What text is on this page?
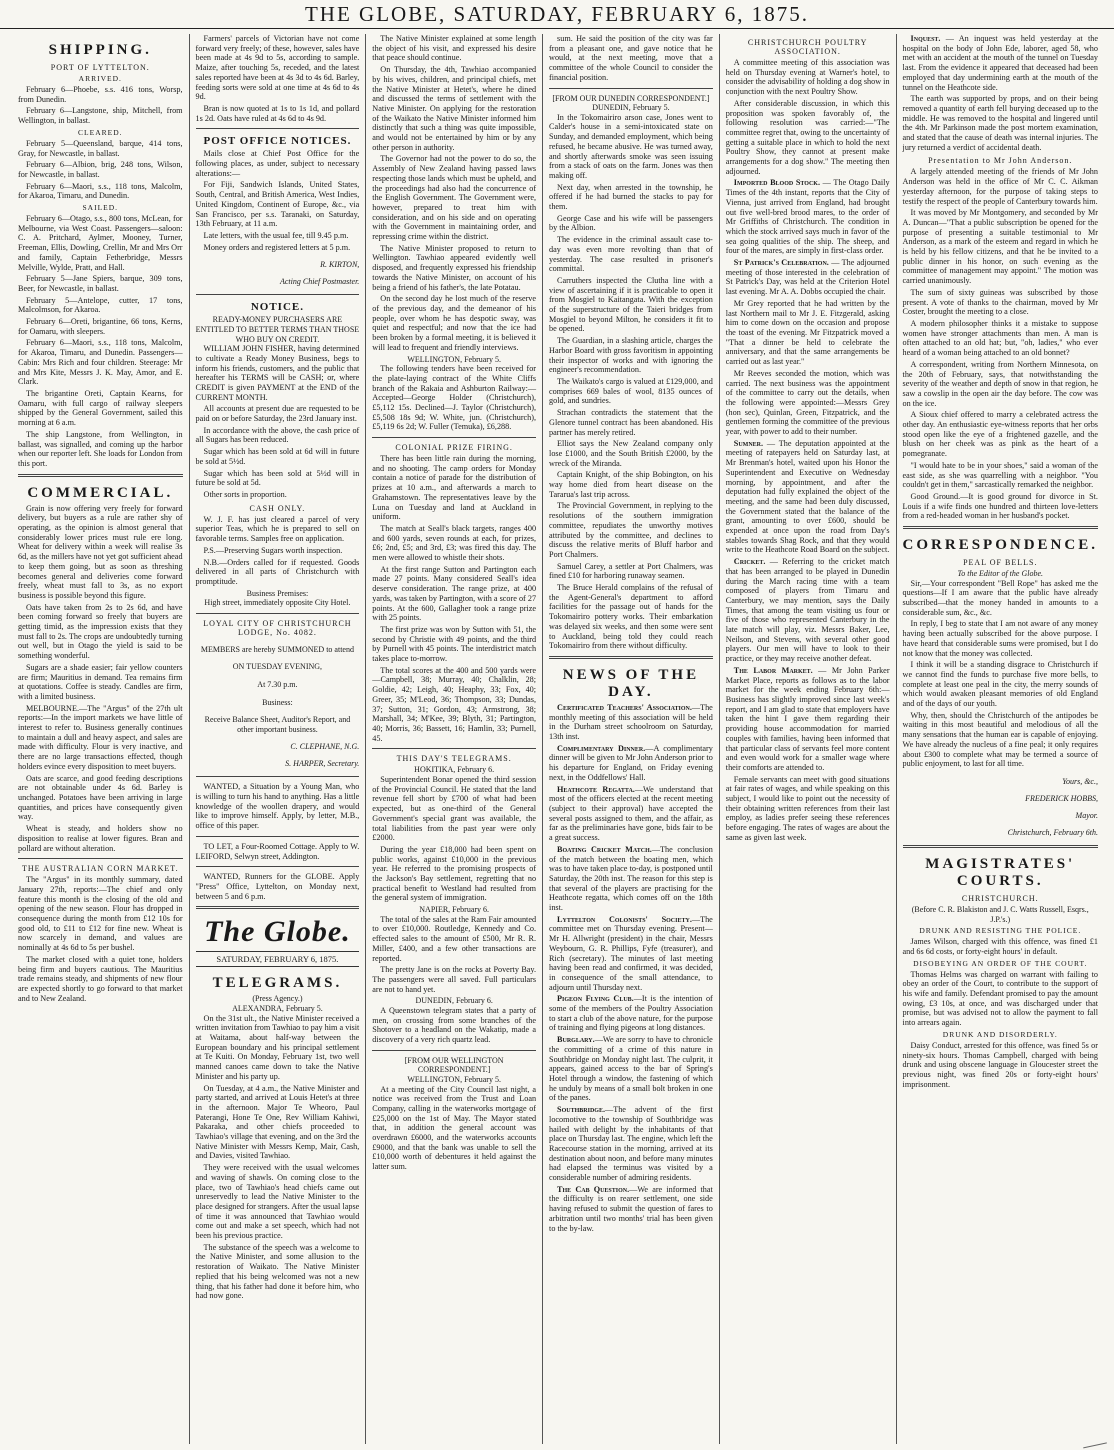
THE GLOBE, SATURDAY, FEBRUARY 6, 1875.
SHIPPING.
PORT OF LYTTELTON.
ARRIVED.

February 6—Phoebe, s.s. 416 tons, Worsp, from Dunedin.

February 6—Langstone, ship, Mitchell, from Wellington, in ballast.

CLEARED.

February 5—Queensland, barque, 414 tons, Gray, for Newcastle, in ballast.

February 6—Albion, brig, 248 tons, Wilson, for Newcastle, in ballast.

February 6—Maori, s.s., 118 tons, Malcolm, for Akaroa, Timaru, and Dunedin.

SAILED.

February 6—Otago, s.s., 800 tons, McLean, for Melbourne, via West Coast. Passengers—saloon: C. A. Pritchard, Aylmer, Mooney, Turner, Freeman, Ellis, Dowling, Crellin, Mr and Mrs Orr and family, Captain Fetherbridge, Messrs Melville, Wylde, Pratt, and Hall.

February 5—Jane Spiers, barque, 309 tons, Beer, for Newcastle, in ballast.

February 5—Antelope, cutter, 17 tons, Malcolmson, for Akaroa.

February 6—Oreti, brigantine, 66 tons, Kerns, for Oamaru, with sleepers.

February 6—Maori, s.s., 118 tons, Malcolm, for Akaroa, Timaru, and Dunedin. Passengers—Cabin: Mrs Rich and four children. Steerage: Mr and Mrs Kite, Messrs J. K. May, Amor, and E. Clark.

The brigantine Oreti, Captain Kearns, for Oamaru, with full cargo of railway sleepers shipped by the General Government, sailed this morning at 6 a.m.

The ship Langstone, from Wellington, in ballast, was signalled, and coming up the harbor when our reporter left. She loads for London from this port.

COMMERCIAL.

Grain is now offering very freely for forward delivery, but buyers as a rule are rather shy of operating, as the opinion is almost general that considerably lower prices must rule ere long. Wheat for delivery within a week will realise 3s 6d, as the millers have not yet got sufficient ahead to keep them going, but as soon as threshing becomes general and deliveries come forward freely, wheat must fall to 3s, as no export business is possible beyond this figure.

Oats have taken from 2s to 2s 6d, and have been coming forward so freely that buyers are getting timid, as the impression exists that they must fall to 2s. The crops are undoubtedly turning out well, but in Otago the yield is said to be something wonderful.

Sugars are a shade easier; fair yellow counters are firm; Mauritius in demand. Tea remains firm at quotations. Coffee is steady. Candles are firm, with a limited business.

MELBOURNE.—The "Argus" of the 27th ult reports:—In the import markets we have little of interest to refer to. Business generally continues to maintain a dull and heavy aspect, and sales are made with difficulty. Flour is very inactive, and there are no large transactions effected, though holders evince every disposition to meet buyers.

Oats are scarce, and good feeding descriptions are not obtainable under 4s 6d. Barley is unchanged. Potatoes have been arriving in large quantities, and prices have consequently given way.

Wheat is steady, and holders show no disposition to realise at lower figures. Bran and pollard are without alteration.

THE AUSTRALIAN CORN MARKET.

The "Argus" in its monthly summary, dated January 27th, reports:—The chief and only feature this month is the closing of the old and opening of the new season. Flour has dropped in consequence during the month from £12 10s for good old, to £11 to £12 for fine new. Wheat is now scarcely in demand, and values are nominally at 4s 6d to 5s per bushel.

The market closed with a quiet tone, holders being firm and buyers cautious. The Mauritius trade remains steady, and shipments of new flour are expected shortly to go forward to that market and to New Zealand.

Farmers' parcels of Victorian have not come forward very freely; of these, however, sales have been made at 4s 9d to 5s, according to sample. Maize, after touching 5s, receded, and the latest sales reported have been at 4s 3d to 4s 6d. Barley, feeding sorts were sold at one time at 4s 6d to 4s 9d.

Bran is now quoted at 1s to 1s 1d, and pollard 1s 2d. Oats have ruled at 4s 6d to 4s 9d.

POST OFFICE NOTICES.

Mails close at Chief Post Office for the following places, as under, subject to necessary alterations:—

For Fiji, Sandwich Islands, United States, South, Central, and British America, West Indies, United Kingdom, Continent of Europe, &c., via San Francisco, per s.s. Taranaki, on Saturday, 13th February, at 11 a.m.

Late letters, with the usual fee, till 9.45 p.m.

Money orders and registered letters at 5 p.m.

R. KIRTON,

Acting Chief Postmaster.

NOTICE.
READY-MONEY PURCHASERS ARE ENTITLED TO BETTER TERMS THAN THOSE WHO BUY ON CREDIT.

WILLIAM JOHN FISHER, having determined to cultivate a Ready Money Business, begs to inform his friends, customers, and the public that hereafter his TERMS will be CASH; or, where CREDIT is given PAYMENT at the END of the CURRENT MONTH.

All accounts at present due are requested to be paid on or before Saturday, the 23rd January inst.

In accordance with the above, the cash price of all Sugars has been reduced.

Sugar which has been sold at 6d will in future be sold at 5½d.

Sugar which has been sold at 5½d will in future be sold at 5d.

Other sorts in proportion.

CASH ONLY.

W. J. F. has just cleared a parcel of very superior Teas, which he is prepared to sell on favorable terms. Samples free on application.

P.S.—Preserving Sugars worth inspection.

N.B.—Orders called for if requested. Goods delivered in all parts of Christchurch with promptitude.

Business Premises:
High street, immediately opposite City Hotel.
LOYAL CITY OF CHRISTCHURCH LODGE, No. 4082.

MEMBERS are hereby SUMMONED to attend

ON TUESDAY EVENING,

At 7.30 p.m.

Business:

Receive Balance Sheet, Auditor's Report, and other important business.

C. CLEPHANE, N.G.

S. HARPER, Secretary.

WANTED, a Situation by a Young Man, who is willing to turn his hand to anything. Has a little knowledge of the woollen drapery, and would like to improve himself. Apply, by letter, M.B., office of this paper.

TO LET, a Four-Roomed Cottage. Apply to W. LEIFORD, Selwyn street, Addington.

WANTED, Runners for the GLOBE. Apply "Press" Office, Lyttelton, on Monday next, between 5 and 6 p.m.

The Globe.
SATURDAY, FEBRUARY 6, 1875.
TELEGRAMS.
(Press Agency.)
ALEXANDRA, February 5.

On the 31st ult., the Native Minister received a written invitation from Tawhiao to pay him a visit at Waitama, about half-way between the European boundary and his principal settlement at Te Kuiti. On Monday, February 1st, two well manned canoes came down to take the Native Minister and his party up.

On Tuesday, at 4 a.m., the Native Minister and party started, and arrived at Louis Hetet's at three in the afternoon. Major Te Wheoro, Paul Paterangi, Hone Te One, Rev William Kahiwi, Pakaraka, and other chiefs proceeded to Tawhiao's village that evening, and on the 3rd the Native Minister with Messrs Kemp, Mair, Cash, and Davies, visited Tawhiao.

They were received with the usual welcomes and waving of shawls. On coming close to the place, two of Tawhiao's head chiefs came out unreservedly to lead the Native Minister to the place designed for strangers. After the usual lapse of time it was announced that Tawhiao would come out and make a set speech, which had not been his previous practice.

The substance of the speech was a welcome to the Native Minister, and some allusion to the restoration of Waikato. The Native Minister replied that his being welcomed was not a new thing, that his father had done it before him, who had now gone.

The Native Minister explained at some length the object of his visit, and expressed his desire that peace should continue.

On Thursday, the 4th, Tawhiao accompanied by his wives, children, and principal chiefs, met the Native Minister at Hetet's, where he dined and discussed the terms of settlement with the Native Minister. On applying for the restoration of the Waikato the Native Minister informed him distinctly that such a thing was quite impossible, and would not be entertained by him or by any other person in authority.

The Governor had not the power to do so, the Assembly of New Zealand having passed laws respecting those lands which must be upheld, and the proceedings had also had the concurrence of the English Government. The Government were, however, prepared to treat him with consideration, and on his side and on operating with the Government in maintaining order, and repressing crime within the district.

The Native Minister proposed to return to Wellington. Tawhiao appeared evidently well disposed, and frequently expressed his friendship towards the Native Minister, on account of his being a friend of his father's, the late Potatau.

On the second day he lost much of the reserve of the previous day, and the demeanor of his people, over whom he has despotic sway, was quiet and respectful; and now that the ice had been broken by a formal meeting, it is believed it will lead to frequent and friendly interviews.

WELLINGTON, February 5.

The following tenders have been received for the plate-laying contract of the White Cliffs branch of the Rakaia and Ashburton Railway:—Accepted—George Holder (Christchurch), £5,112 15s. Declined—J. Taylor (Christchurch), £5,508 18s 9d; W. White, jun. (Christchurch), £5,119 6s 2d; W. Fuller (Temuka), £6,288.

COLONIAL PRIZE FIRING.

There has been little rain during the morning, and no shooting. The camp orders for Monday contain a notice of parade for the distribution of prizes at 10 a.m., and afterwards a march to Grahamstown. The representatives leave by the Luna on Tuesday and land at Auckland in uniform.

The match at Seall's black targets, ranges 400 and 600 yards, seven rounds at each, for prizes, £6; 2nd, £5; and 3rd, £3; was fired this day. The men were allowed to whistle their shots.

At the first range Sutton and Partington each made 27 points. Many considered Seall's idea deserve consideration. The range prize, at 400 yards, was taken by Partington, with a score of 27 points. At the 600, Gallagher took a range prize with 25 points.

The first prize was won by Sutton with 51, the second by Christie with 49 points, and the third by Purnell with 45 points. The interdistrict match takes place to-morrow.

The total scores at the 400 and 500 yards were—Campbell, 38; Murray, 40; Chalklin, 28; Goldie, 42; Leigh, 40; Heaphy, 33; Fox, 40; Greer, 35; M'Leod, 36; Thompson, 33; Dundas, 37; Sutton, 31; Gordon, 43; Armstrong, 38; Marshall, 34; M'Kee, 39; Blyth, 31; Partington, 40; Morris, 36; Bassett, 16; Hamlin, 33; Purnell, 45.

THIS DAY'S TELEGRAMS.
HOKITIKA, February 6.

Superintendent Bonar opened the third session of the Provincial Council. He stated that the land revenue fell short by £700 of what had been expected, but as one-third of the General Government's special grant was available, the total liabilities from the past year were only £2000.

During the year £18,000 had been spent on public works, against £10,000 in the previous year. He referred to the promising prospects of the Jackson's Bay settlement, regretting that no practical benefit to Westland had resulted from the general system of immigration.

NAPIER, February 6.

The total of the sales at the Ram Fair amounted to over £10,000. Routledge, Kennedy and Co. effected sales to the amount of £500, Mr R. R. Miller, £400, and a few other transactions are reported.

The pretty Jane is on the rocks at Poverty Bay. The passengers were all saved. Full particulars are not to hand yet.

DUNEDIN, February 6.

A Queenstown telegram states that a party of men, on crossing from some branches of the Shotover to a headland on the Wakatip, made a discovery of a very rich quartz lead.

[FROM OUR WELLINGTON CORRESPONDENT.]
WELLINGTON, February 5.

At a meeting of the City Council last night, a notice was received from the Trust and Loan Company, calling in the waterworks mortgage of £25,000 on the 1st of May. The Mayor stated that, in addition the general account was overdrawn £6000, and the waterworks accounts £9000, and that the bank was unable to sell the £10,000 worth of debentures it held against the latter sum.

sum. He said the position of the city was far from a pleasant one, and gave notice that he would, at the next meeting, move that a committee of the whole Council to consider the financial position.

[FROM OUR DUNEDIN CORRESPONDENT.]
DUNEDIN, February 5.

In the Tokomairiro arson case, Jones went to Calder's house in a semi-intoxicated state on Sunday, and demanded employment, which being refused, he became abusive. He was turned away, and shortly afterwards smoke was seen issuing from a stack of oats on the farm. Jones was then making off.

Next day, when arrested in the township, he offered if he had burned the stacks to pay for them.

George Case and his wife will be passengers by the Albion.

The evidence in the criminal assault case to-day was even more revolting than that of yesterday. The case resulted in prisoner's committal.

Carruthers inspected the Clutha line with a view of ascertaining if it is practicable to open it from Mosgiel to Kaitangata. With the exception of the superstructure of the Taieri bridges from Mosgiel to beyond Milton, he considers it fit to be opened.

The Guardian, in a slashing article, charges the Harbor Board with gross favoritism in appointing their inspector of works and with ignoring the engineer's recommendation.

The Waikato's cargo is valued at £129,000, and comprises 669 bales of wool, 8135 ounces of gold, and sundries.

Strachan contradicts the statement that the Glenore tunnel contract has been abandoned. His partner has merely retired.

Elliot says the New Zealand company only lose £1000, and the South British £2000, by the wreck of the Miranda.

Captain Knight, of the ship Bobington, on his way home died from heart disease on the Tararua's last trip across.

The Provincial Government, in replying to the resolutions of the southern immigration committee, repudiates the unworthy motives attributed by the committee, and declines to discuss the relative merits of Bluff harbor and Port Chalmers.

Samuel Carey, a settler at Port Chalmers, was fined £10 for harboring runaway seamen.

The Bruce Herald complains of the refusal of the Agent-General's department to afford facilities for the passage out of hands for the Tokomairiro pottery works. Their embarkation was delayed six weeks, and then some were sent to Auckland, being told they could reach Tokomairiro from there without difficulty.

NEWS OF THE DAY.

Certificated Teachers' Association.—The monthly meeting of this association will be held in the Durham street schoolroom on Saturday, 13th inst.

Complimentary Dinner.—A complimentary dinner will be given to Mr John Anderson prior to his departure for England, on Friday evening next, in the Oddfellows' Hall.

Heathcote Regatta.—We understand that most of the officers elected at the recent meeting (subject to their approval) have accepted the several posts assigned to them, and the affair, as far as the preliminaries have gone, bids fair to be a great success.

Boating Cricket Match.—The conclusion of the match between the boating men, which was to have taken place to-day, is postponed until Saturday, the 20th inst. The reason for this step is that several of the players are practising for the Heathcote regatta, which comes off on the 18th inst.

Lyttelton Colonists' Society.—The committee met on Thursday evening. Present—Mr H. Allwright (president) in the chair, Messrs Weybourn, G. R. Phillips, Fyfe (treasurer), and Rich (secretary). The minutes of last meeting having been read and confirmed, it was decided, in consequence of the small attendance, to adjourn until Thursday next.

Pigeon Flying Club.—It is the intention of some of the members of the Poultry Association to start a club of the above nature, for the purpose of training and flying pigeons at long distances.

Burglary.—We are sorry to have to chronicle the committing of a crime of this nature in Southbridge on Monday night last. The culprit, it appears, gained access to the bar of Spring's Hotel through a window, the fastening of which he unduly by means of a small bolt broken in one of the panes.

Southbridge.—The advent of the first locomotive to the township of Southbridge was hailed with delight by the inhabitants of that place on Thursday last. The engine, which left the Racecourse station in the morning, arrived at its destination about noon, and before many minutes had elapsed the terminus was visited by a considerable number of admiring residents.

The Cab Question.—We are informed that the difficulty is on rearer settlement, one side having refused to submit the question of fares to arbitration until two months' trial has been given to the by-law.

CHRISTCHURCH POULTRY ASSOCIATION.

A committee meeting of this association was held on Thursday evening at Warner's hotel, to consider the advisability of holding a dog show in conjunction with the next Poultry Show.

After considerable discussion, in which this proposition was spoken favorably of, the following resolution was carried:—"The committee regret that, owing to the uncertainty of getting a suitable place in which to hold the next Poultry Show, they cannot at present make arrangements for a dog show." The meeting then adjourned.

Imported Blood Stock. — The Otago Daily Times of the 4th instant, reports that the City of Vienna, just arrived from England, had brought out five well-bred brood mares, to the order of Mr Griffiths of Christchurch. The condition in which the stock arrived says much in favor of the sea going qualities of the ship. The sheep, and four of the mares, are simply in first-class order.

St Patrick's Celebration. — The adjourned meeting of those interested in the celebration of St Patrick's Day, was held at the Criterion Hotel last evening. Mr A. A. Dobbs occupied the chair.

Mr Grey reported that he had written by the last Northern mail to Mr J. E. Fitzgerald, asking him to come down on the occasion and propose the toast of the evening. Mr Fitzpatrick moved a "That a dinner be held to celebrate the anniversary, and that the same arrangements be carried out as last year."

Mr Reeves seconded the motion, which was carried. The next business was the appointment of the committee to carry out the details, when the following were appointed:—Messrs Grey (hon sec), Quinlan, Green, Fitzpatrick, and the gentlemen forming the committee of the previous year, with power to add to their number.

Sumner. — The deputation appointed at the meeting of ratepayers held on Saturday last, at Mr Brenman's hotel, waited upon his Honor the Superintendent and Executive on Wednesday morning, by appointment, and after the deputation had fully explained the object of the meeting, and the same had been duly discussed, the Government stated that the balance of the grant, amounting to over £600, should be expended at once upon the road from Day's stables towards Shag Rock, and that they would write to the Heathcote Road Board on the subject.

Cricket. — Referring to the cricket match that has been arranged to be played in Dunedin during the March racing time with a team composed of players from Timaru and Canterbury, we may mention, says the Daily Times, that among the team visiting us four or five of those who represented Canterbury in the late match will play, viz. Messrs Baker, Lee, Neilson, and Stevens, with several other good players. Our men will have to look to their practice, or they may receive another defeat.

The Labor Market. — Mr John Parker Market Place, reports as follows as to the labor market for the week ending February 6th:—Business has slightly improved since last week's report, and I am glad to state that employers have taken the hint I gave them regarding their providing house accommodation for married couples with families, having been informed that that particular class of servants feel more content and even would work for a smaller wage where their comforts are attended to.

Female servants can meet with good situations at fair rates of wages, and while speaking on this subject, I would like to point out the necessity of their obtaining written references from their last employ, as ladies prefer seeing these references before engaging. The rates of wages are about the same as given last week.

Inquest. — An inquest was held yesterday at the hospital on the body of John Ede, laborer, aged 58, who met with an accident at the mouth of the tunnel on Tuesday last. From the evidence it appeared that deceased had been employed that day undermining earth at the mouth of the tunnel on the Heathcote side.

The earth was supported by props, and on their being removed a quantity of earth fell burying deceased up to the middle. He was removed to the hospital and lingered until the 4th. Mr Parkinson made the post mortem examination, and stated that the cause of death was internal injuries. The jury returned a verdict of accidental death.

Presentation to Mr John Anderson.

A largely attended meeting of the friends of Mr John Anderson was held in the office of Mr C. C. Aikman yesterday afternoon, for the purpose of taking steps to testify the respect of the people of Canterbury towards him.

It was moved by Mr Montgomery, and seconded by Mr A. Duncan—"That a public subscription be opened for the purpose of presenting a suitable testimonial to Mr Anderson, as a mark of the esteem and regard in which he is held by his fellow citizens, and that he be invited to a public dinner in his honor, on such evening as the committee of management may appoint." The motion was carried unanimously.

The sum of sixty guineas was subscribed by those present. A vote of thanks to the chairman, moved by Mr Coster, brought the meeting to a close.

A modern philosopher thinks it a mistake to suppose women have stronger attachments than men. A man is often attached to an old hat; but, "oh, ladies," who ever heard of a woman being attached to an old bonnet?

A correspondent, writing from Northern Minnesota, on the 20th of February, says, that notwithstanding the severity of the weather and depth of snow in that region, he saw a cowslip in the open air the day before. The cow was on the ice.

A Sioux chief offered to marry a celebrated actress the other day. An enthusiastic eye-witness reports that her orbs stood open like the eye of a frightened gazelle, and the blush on her cheek was as pink as the heart of a pomegranate.

"I would hate to be in your shoes," said a woman of the east side, as she was quarrelling with a neighbor. "You couldn't get in them," sarcastically remarked the neighbor.

Good Ground.—It is good ground for divorce in St. Louis if a wife finds one hundred and thirteen love-letters from a red-headed woman in her husband's pocket.

CORRESPONDENCE.
PEAL OF BELLS.
To the Editor of the Globe.

Sir,—Your correspondent "Bell Rope" has asked me the questions—If I am aware that the public have already subscribed—that the money handed in amounts to a considerable sum, &c., &c.

In reply, I beg to state that I am not aware of any money having been actually subscribed for the above purpose. I have heard that considerable sums were promised, but I do not know that the money was collected.

I think it will be a standing disgrace to Christchurch if we cannot find the funds to purchase five more bells, to complete at least one peal in the city, the merry sounds of which would awaken pleasant memories of old England and of the days of our youth.

Why, then, should the Christchurch of the antipodes be waiting in this most beautiful and melodious of all the many sensations that the human ear is capable of enjoying. We have already the nucleus of a fine peal; it only requires about £300 to complete what may be termed a source of public enjoyment, to last for all time.

Yours, &c.,

FREDERICK HOBBS,

Mayor.

Christchurch, February 6th.

MAGISTRATES' COURTS.
CHRISTCHURCH.
(Before C. R. Blakiston and J. C. Watts Russell, Esqrs., J.P.'s.)
DRUNK AND RESISTING THE POLICE.

James Wilson, charged with this offence, was fined £1 and 6s 6d costs, or forty-eight hours' in default.

DISOBEYING AN ORDER OF THE COURT.

Thomas Helms was charged on warrant with failing to obey an order of the Court, to contribute to the support of his wife and family. Defendant promised to pay the amount owing, £3 10s, at once, and was discharged under that promise, but was advised not to allow the payment to fall into arrears again.

DRUNK AND DISORDERLY.

Daisy Conduct, arrested for this offence, was fined 5s or ninety-six hours. Thomas Campbell, charged with being drunk and using obscene language in Gloucester street the previous night, was fined 20s or forty-eight hours' imprisonment.
